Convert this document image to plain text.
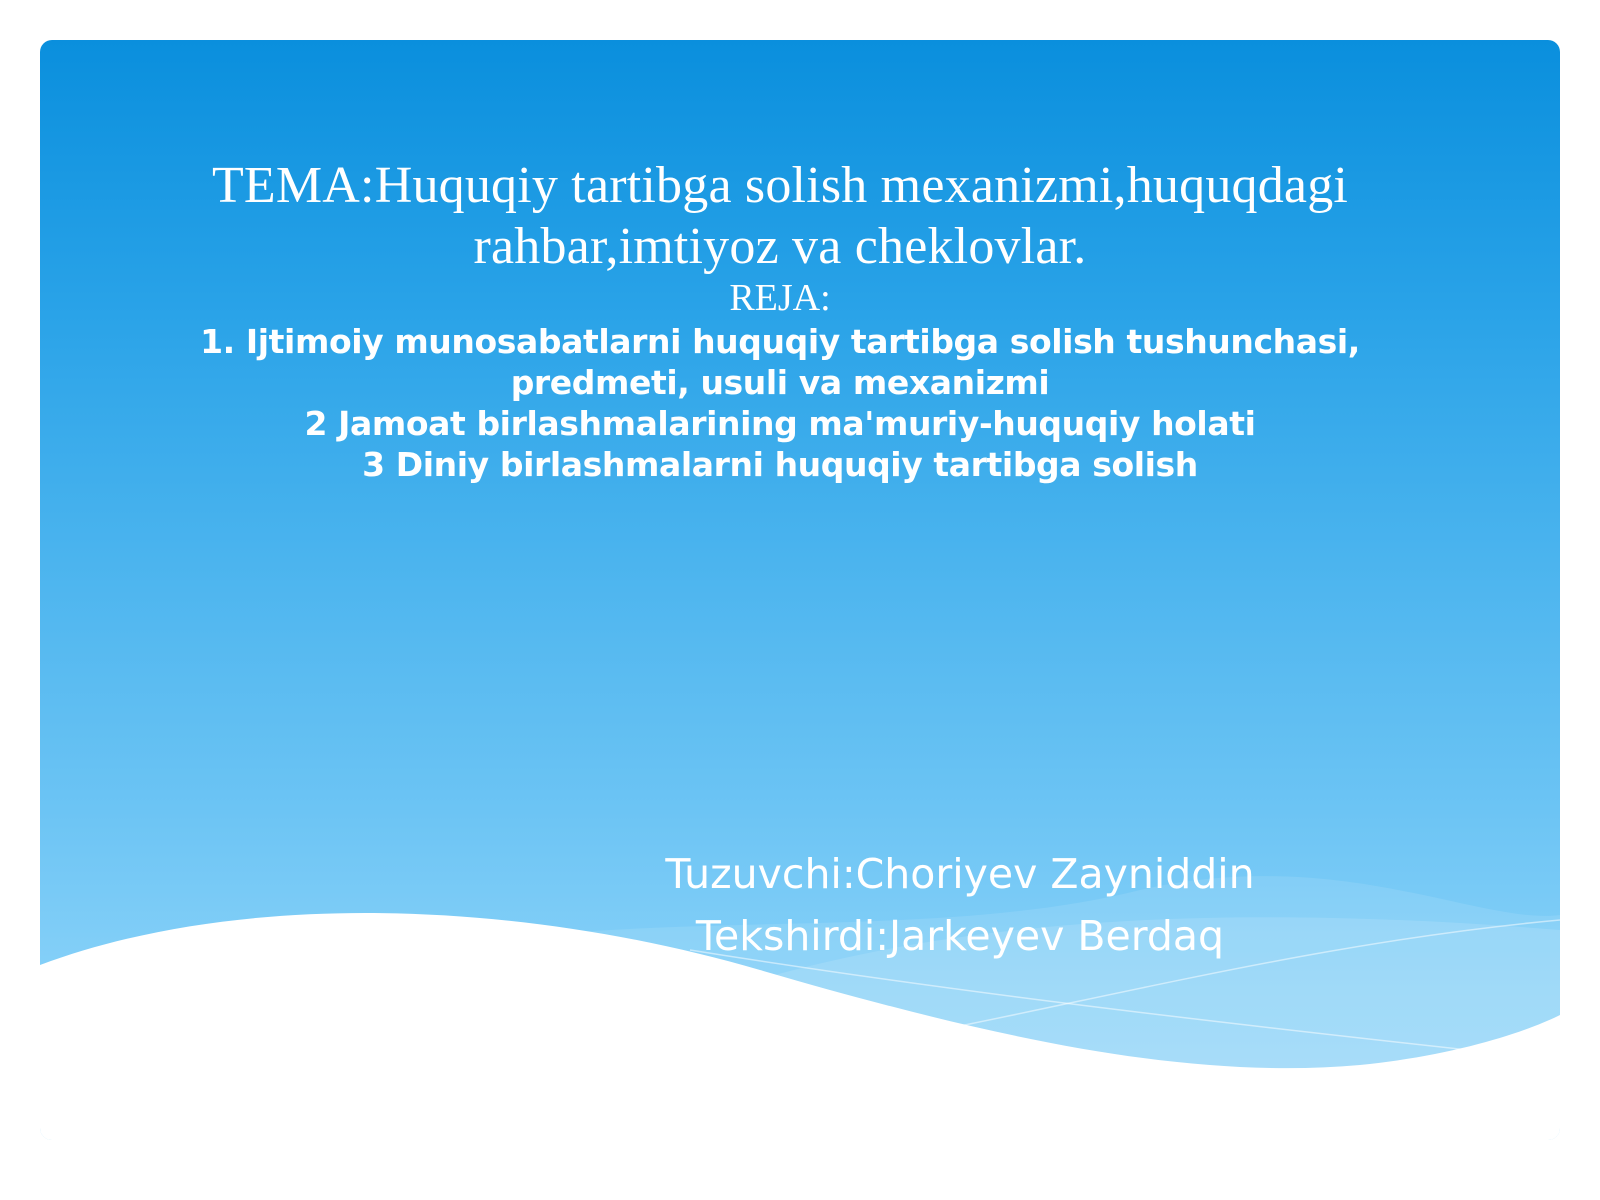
TEMA:Huquqiy tartibga solish mexanizmi,huquqdagi
rahbar,imtiyoz va cheklovlar.
REJA:
1. Ijtimoiy munosabatlarni huquqiy tartibga solish tushunchasi,
predmeti, usuli va mexanizmi
2 Jamoat birlashmalarining ma'muriy-huquqiy holati
3 Diniy birlashmalarni huquqiy tartibga solish
Tuzuvchi:Choriyev Zayniddin
Tekshirdi:Jarkeyev Berdaq
